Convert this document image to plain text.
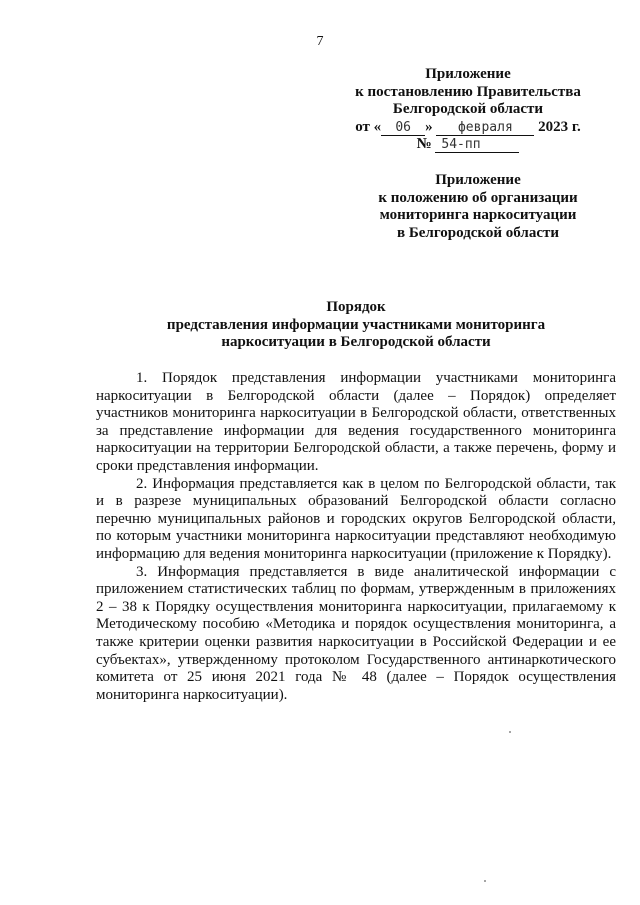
7
Приложение
к постановлению Правительства
Белгородской области
от « 06 » февраля 2023 г.
№ 54-пп
Приложение
к положению об организации
мониторинга наркоситуации
в Белгородской области
Порядок
представления информации участниками мониторинга
наркоситуации в Белгородской области

1. Порядок представления информации участниками мониторинга наркоситуации в Белгородской области (далее – Порядок) определяет участников мониторинга наркоситуации в Белгородской области, ответственных за представление информации для ведения государственного мониторинга наркоситуации на территории Белгородской области, а также перечень, форму и сроки представления информации.

2. Информация представляется как в целом по Белгородской области, так и в разрезе муниципальных образований Белгородской области согласно перечню муниципальных районов и городских округов Белгородской области, по которым участники мониторинга наркоситуации представляют необходимую информацию для ведения мониторинга наркоситуации (приложение к Порядку).

3. Информация представляется в виде аналитической информации с приложением статистических таблиц по формам, утвержденным в приложениях 2 – 38 к Порядку осуществления мониторинга наркоситуации, прилагаемому к Методическому пособию «Методика и порядок осуществления мониторинга, а также критерии оценки развития наркоситуации в Российской Федерации и ее субъектах», утвержденному протоколом Государственного антинаркотического комитета от 25 июня 2021 года № 48 (далее – Порядок осуществления мониторинга наркоситуации).
